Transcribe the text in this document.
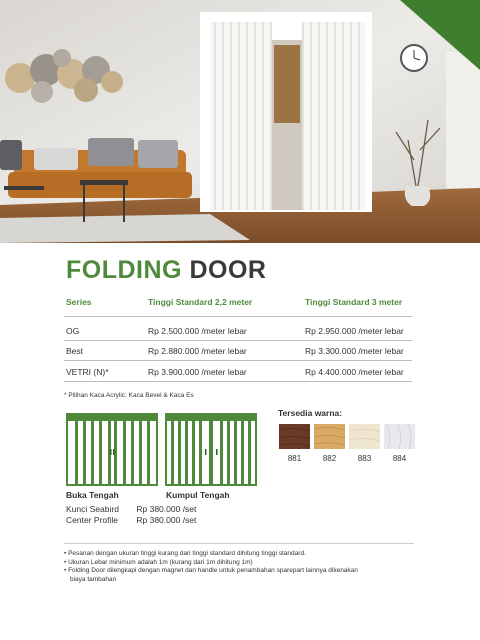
FOLDING DOOR
Series	Tinggi Standard 2,2 meter	Tinggi Standard 3 meter
OG	Rp 2.500.000 /meter lebar	Rp 2.950.000 /meter lebar
Best	Rp 2.880.000 /meter lebar	Rp 3.300.000 /meter lebar
VETRI (N)*	Rp 3.900.000 /meter lebar	Rp 4.400.000 /meter lebar
* Pilihan Kaca Acrylic: Kaca Bevel & Kaca Es
Buka Tengah	Kumpul Tengah
Kunci Seabird Rp 380.000 /set
Center Profile Rp 380.000 /set
Tersedia warna:
881	882	883	884
• Pesanan dengan ukuran tinggi kurang dari tinggi standard dihitung tinggi standard.
• Ukuran Lebar minimum adalah 1m (kurang dari 1m dihitung 1m)
• Folding Door dilengkapi dengan magnet dan handle untuk penambahan sparepart lainnya dikenakan
biaya tambahan
